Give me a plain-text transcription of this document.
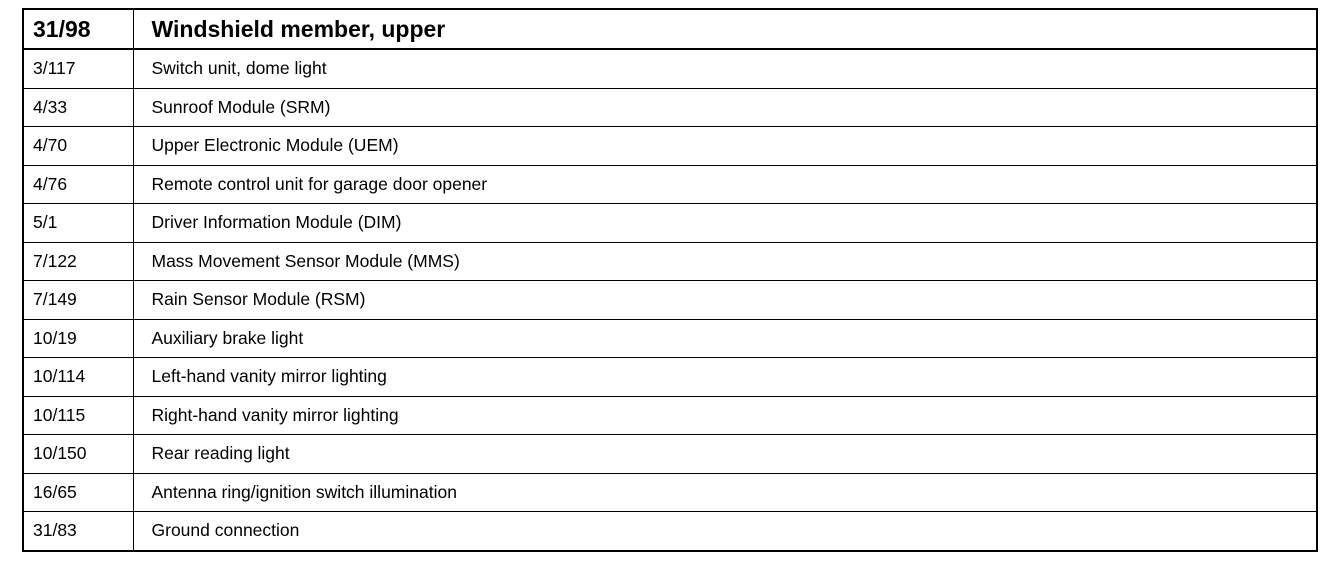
31/98	Windshield member, upper
3/117	Switch unit, dome light
4/33	Sunroof Module (SRM)
4/70	Upper Electronic Module (UEM)
4/76	Remote control unit for garage door opener
5/1	Driver Information Module (DIM)
7/122	Mass Movement Sensor Module (MMS)
7/149	Rain Sensor Module (RSM)
10/19	Auxiliary brake light
10/114	Left-hand vanity mirror lighting
10/115	Right-hand vanity mirror lighting
10/150	Rear reading light
16/65	Antenna ring/ignition switch illumination
31/83	Ground connection
